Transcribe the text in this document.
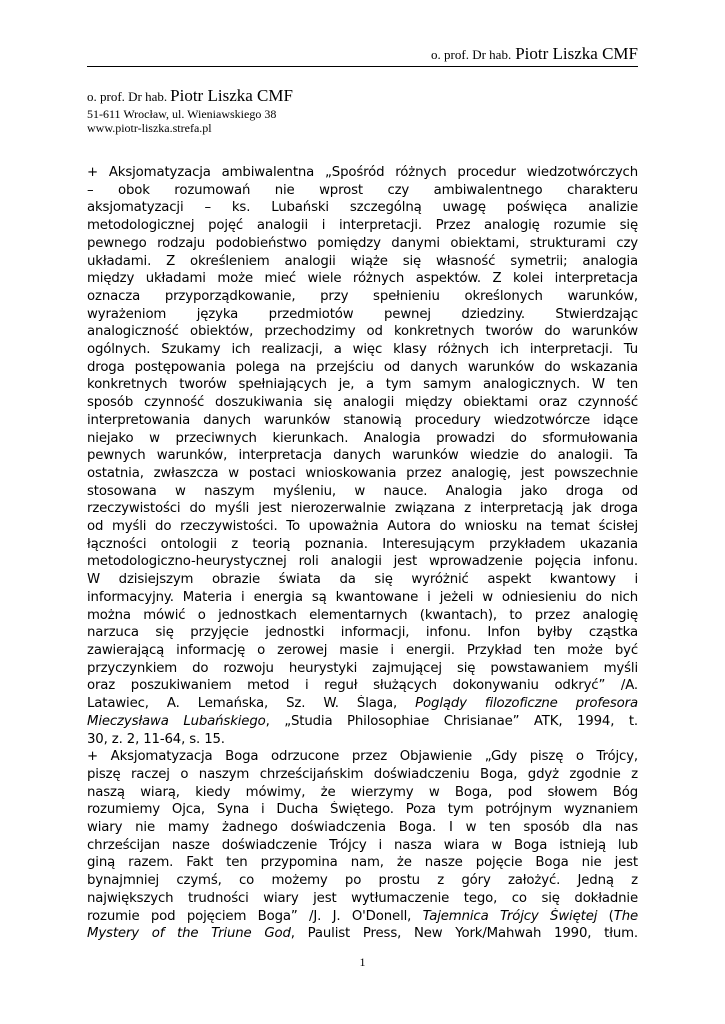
o. prof. Dr hab. Piotr Liszka CMF
o. prof. Dr hab. Piotr Liszka CMF
51-611 Wrocław, ul. Wieniawskiego 38
www.piotr-liszka.strefa.pl
+ Aksjomatyzacja ambiwalentna „Spośród różnych procedur wiedzotwórczych
– obok rozumowań nie wprost czy ambiwalentnego charakteru
aksjomatyzacji – ks. Lubański szczególną uwagę poświęca analizie
metodologicznej pojęć analogii i interpretacji. Przez analogię rozumie się
pewnego rodzaju podobieństwo pomiędzy danymi obiektami, strukturami czy
układami. Z określeniem analogii wiąże się własność symetrii; analogia
między układami może mieć wiele różnych aspektów. Z kolei interpretacja
oznacza przyporządkowanie, przy spełnieniu określonych warunków,
wyrażeniom języka przedmiotów pewnej dziedziny. Stwierdzając
analogiczność obiektów, przechodzimy od konkretnych tworów do warunków
ogólnych. Szukamy ich realizacji, a więc klasy różnych ich interpretacji. Tu
droga postępowania polega na przejściu od danych warunków do wskazania
konkretnych tworów spełniających je, a tym samym analogicznych. W ten
sposób czynność doszukiwania się analogii między obiektami oraz czynność
interpretowania danych warunków stanowią procedury wiedzotwórcze idące
niejako w przeciwnych kierunkach. Analogia prowadzi do sformułowania
pewnych warunków, interpretacja danych warunków wiedzie do analogii. Ta
ostatnia, zwłaszcza w postaci wnioskowania przez analogię, jest powszechnie
stosowana w naszym myśleniu, w nauce. Analogia jako droga od
rzeczywistości do myśli jest nierozerwalnie związana z interpretacją jak droga
od myśli do rzeczywistości. To upoważnia Autora do wniosku na temat ścisłej
łączności ontologii z teorią poznania. Interesującym przykładem ukazania
metodologiczno-heurystycznej roli analogii jest wprowadzenie pojęcia infonu.
W dzisiejszym obrazie świata da się wyróżnić aspekt kwantowy i
informacyjny. Materia i energia są kwantowane i jeżeli w odniesieniu do nich
można mówić o jednostkach elementarnych (kwantach), to przez analogię
narzuca się przyjęcie jednostki informacji, infonu. Infon byłby cząstka
zawierającą informację o zerowej masie i energii. Przykład ten może być
przyczynkiem do rozwoju heurystyki zajmującej się powstawaniem myśli
oraz poszukiwaniem metod i reguł służących dokonywaniu odkryć” /A.
Latawiec, A. Lemańska, Sz. W. Ślaga, Poglądy filozoficzne profesora
Mieczysława Lubańskiego, „Studia Philosophiae Chrisianae” ATK, 1994, t.
30, z. 2, 11-64, s. 15.
+ Aksjomatyzacja Boga odrzucone przez Objawienie „Gdy piszę o Trójcy,
piszę raczej o naszym chrześcijańskim doświadczeniu Boga, gdyż zgodnie z
naszą wiarą, kiedy mówimy, że wierzymy w Boga, pod słowem Bóg
rozumiemy Ojca, Syna i Ducha Świętego. Poza tym potrójnym wyznaniem
wiary nie mamy żadnego doświadczenia Boga. I w ten sposób dla nas
chrześcijan nasze doświadczenie Trójcy i nasza wiara w Boga istnieją lub
giną razem. Fakt ten przypomina nam, że nasze pojęcie Boga nie jest
bynajmniej czymś, co możemy po prostu z góry założyć. Jedną z
największych trudności wiary jest wytłumaczenie tego, co się dokładnie
rozumie pod pojęciem Boga” /J. J. O'Donell, Tajemnica Trójcy Świętej (The
Mystery of the Triune God, Paulist Press, New York/Mahwah 1990, tłum.
1
